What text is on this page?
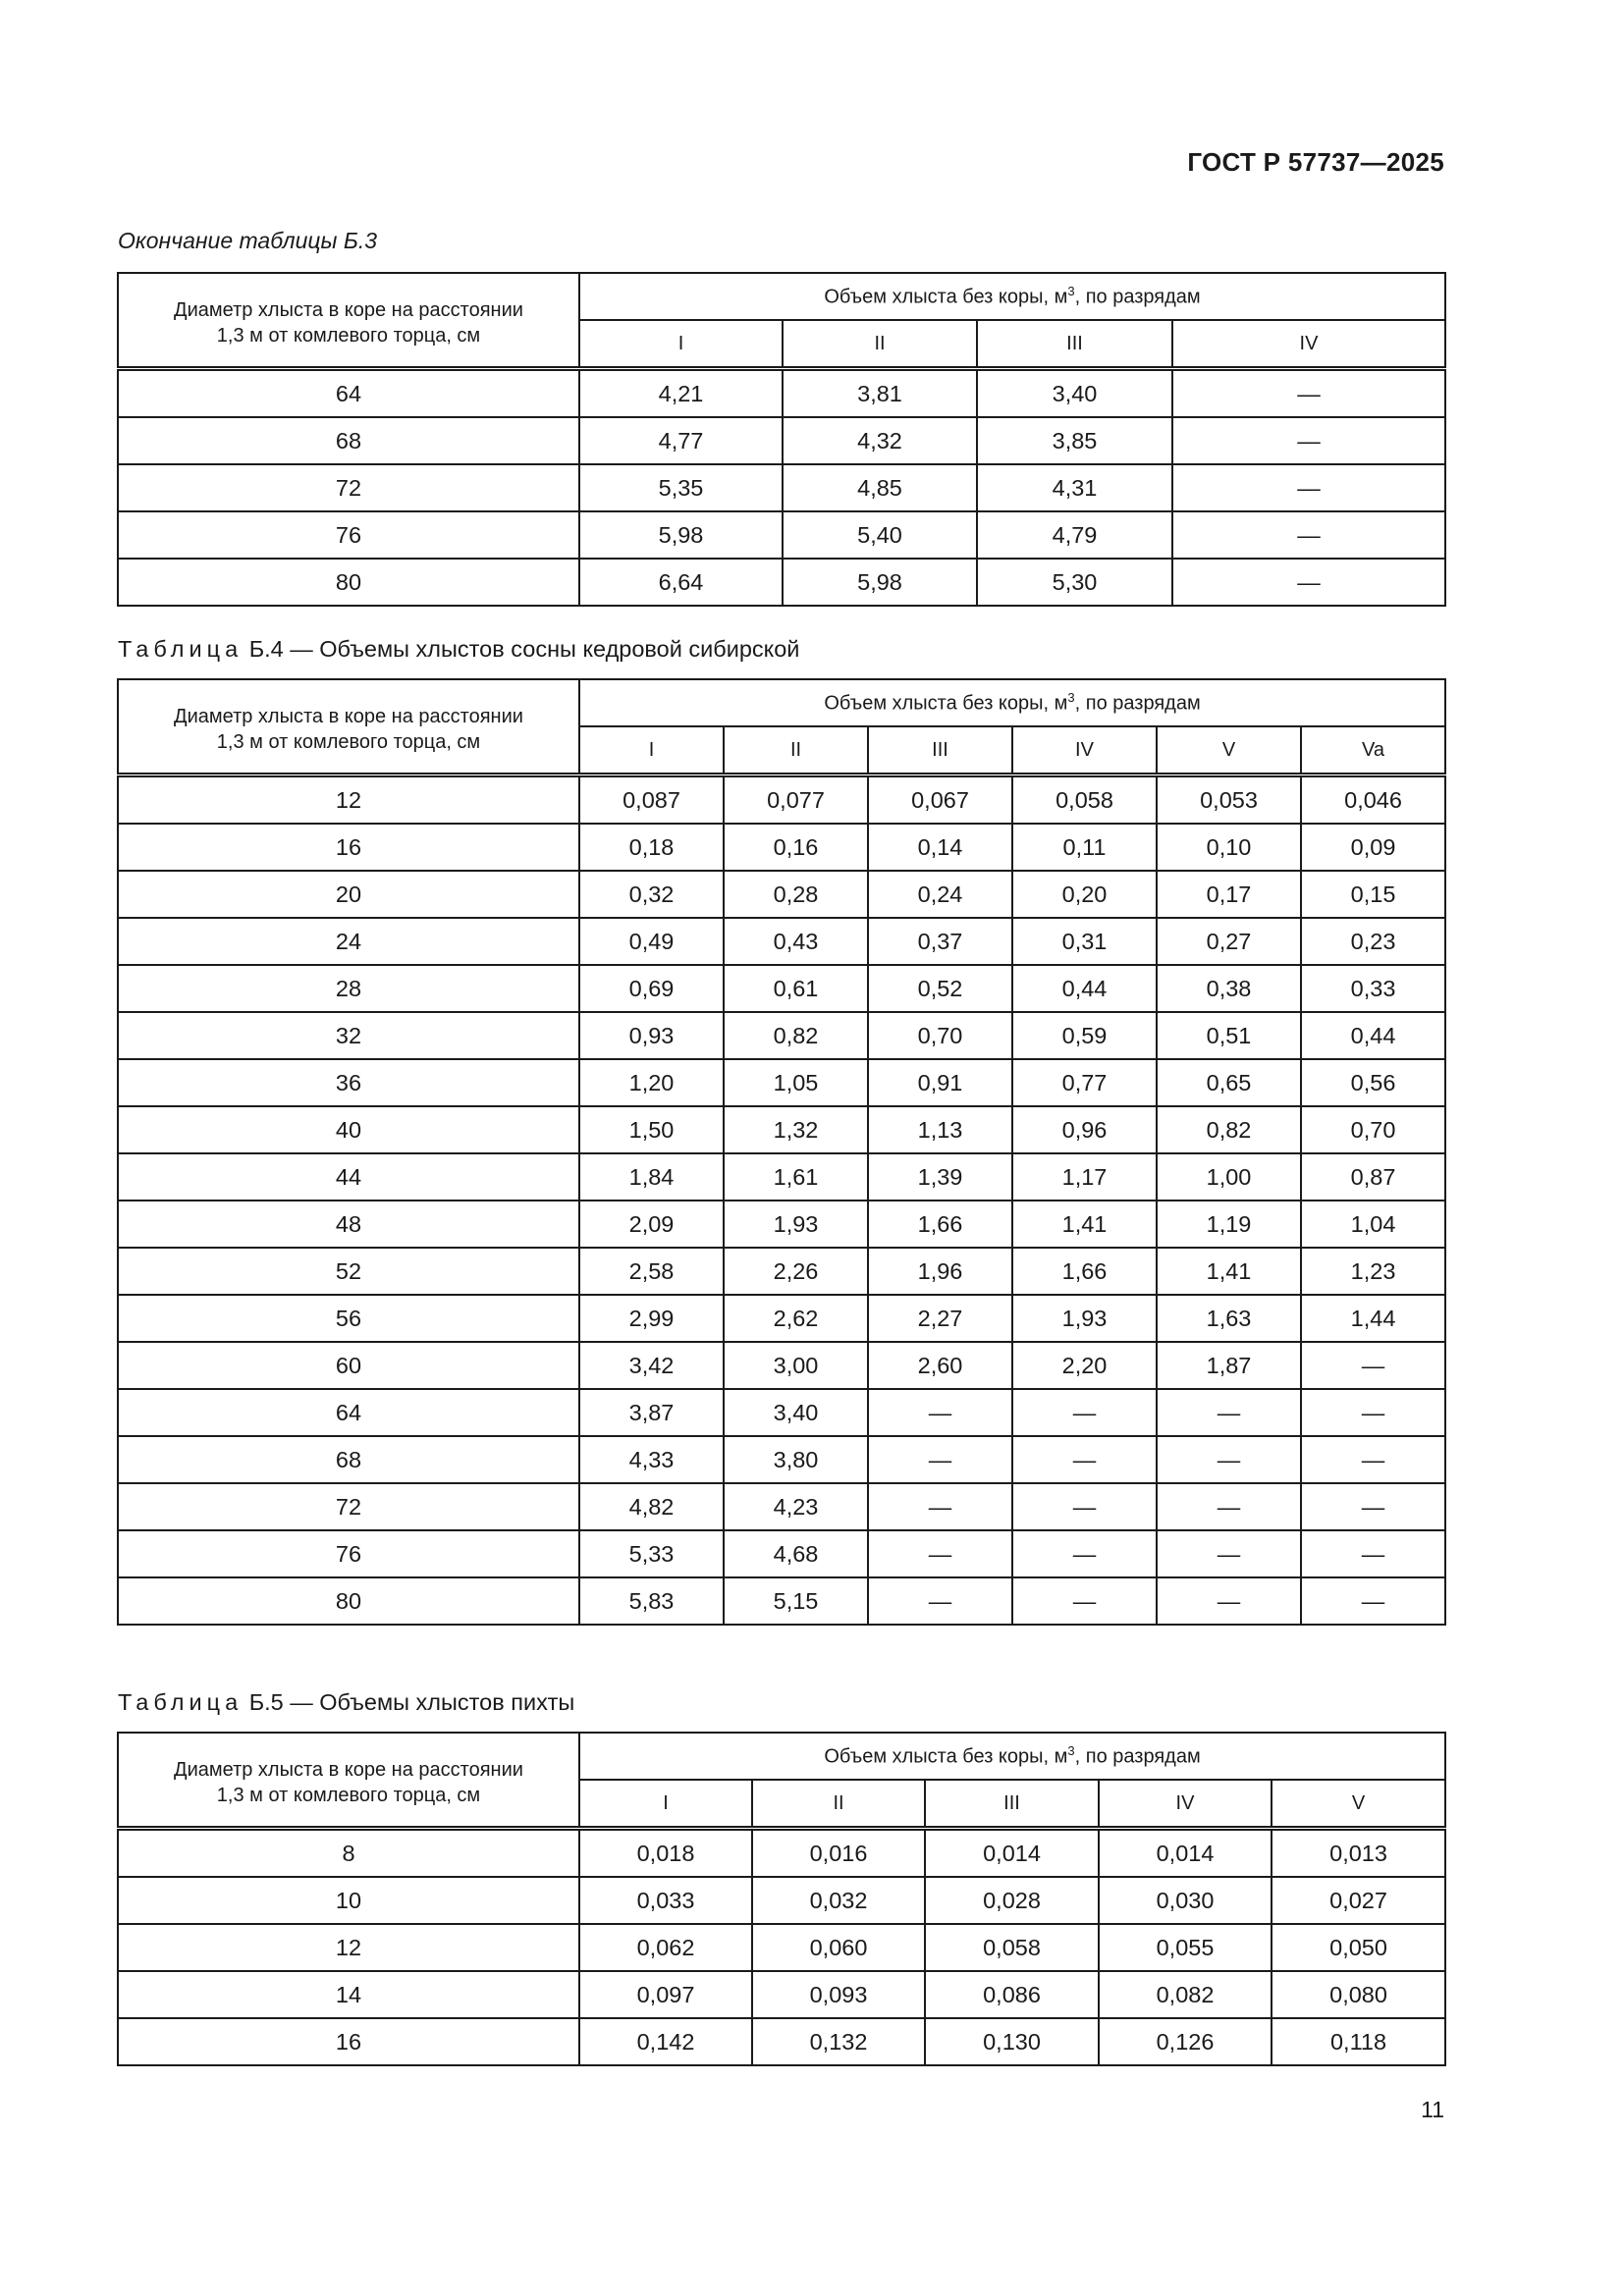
ГОСТ Р 57737—2025
Окончание таблицы Б.3
Диаметр хлыста в коре на расстоянии
1,3 м от комлевого торца, см	Объем хлыста без коры, $м^3$, по разрядам			
	I	II	III	IV
64	4,21	3,81	3,40	—
68	4,77	4,32	3,85	—
72	5,35	4,85	4,31	—
76	5,98	5,40	4,79	—
80	6,64	5,98	5,30	—
Таблица Б.4 — Объемы хлыстов сосны кедровой сибирской
Диаметр хлыста в коре на расстоянии
1,3 м от комлевого торца, см	Объем хлыста без коры, $м^3$, по разрядам					
	I	II	III	IV	V	Va
12	0,087	0,077	0,067	0,058	0,053	0,046
16	0,18	0,16	0,14	0,11	0,10	0,09
20	0,32	0,28	0,24	0,20	0,17	0,15
24	0,49	0,43	0,37	0,31	0,27	0,23
28	0,69	0,61	0,52	0,44	0,38	0,33
32	0,93	0,82	0,70	0,59	0,51	0,44
36	1,20	1,05	0,91	0,77	0,65	0,56
40	1,50	1,32	1,13	0,96	0,82	0,70
44	1,84	1,61	1,39	1,17	1,00	0,87
48	2,09	1,93	1,66	1,41	1,19	1,04
52	2,58	2,26	1,96	1,66	1,41	1,23
56	2,99	2,62	2,27	1,93	1,63	1,44
60	3,42	3,00	2,60	2,20	1,87	—
64	3,87	3,40	—	—	—	—
68	4,33	3,80	—	—	—	—
72	4,82	4,23	—	—	—	—
76	5,33	4,68	—	—	—	—
80	5,83	5,15	—	—	—	—
Таблица Б.5 — Объемы хлыстов пихты
Диаметр хлыста в коре на расстоянии
1,3 м от комлевого торца, см	Объем хлыста без коры, $м^3$, по разрядам				
	I	II	III	IV	V
8	0,018	0,016	0,014	0,014	0,013
10	0,033	0,032	0,028	0,030	0,027
12	0,062	0,060	0,058	0,055	0,050
14	0,097	0,093	0,086	0,082	0,080
16	0,142	0,132	0,130	0,126	0,118
11
